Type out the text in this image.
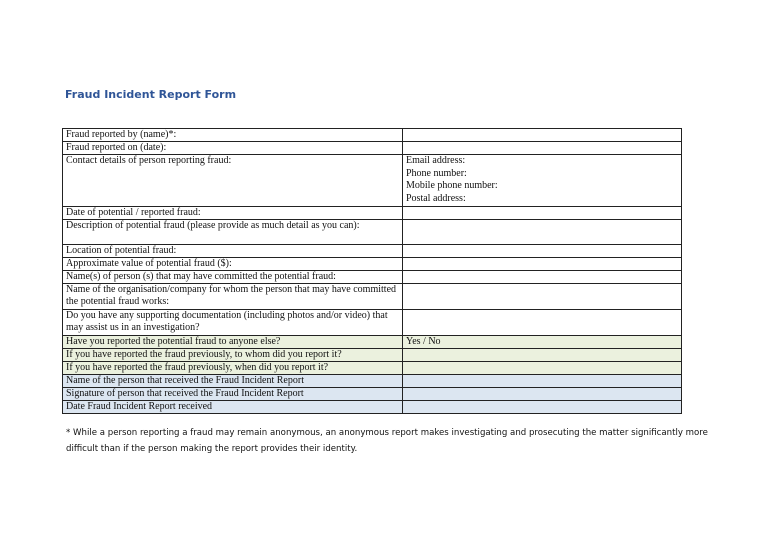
Fraud Incident Report Form
Fraud reported by (name)*:	
Fraud reported on (date):	
Contact details of person reporting fraud:	Email address:
Phone number:
Mobile phone number:
Postal address:

Date of potential / reported fraud:	
Description of potential fraud (please provide as much detail as you can):	
Location of potential fraud:	
Approximate value of potential fraud ($):	
Name(s) of person (s) that may have committed the potential fraud:	
Name of the organisation/company for whom the person that may have committed the potential fraud works:	
Do you have any supporting documentation (including photos and/or video) that may assist us in an investigation?	
Have you reported the potential fraud to anyone else?	Yes / No
If you have reported the fraud previously, to whom did you report it?	
If you have reported the fraud previously, when did you report it?	
Name of the person that received the Fraud Incident Report	
Signature of person that received the Fraud Incident Report	
Date Fraud Incident Report received	
* While a person reporting a fraud may remain anonymous, an anonymous report makes investigating and prosecuting the matter significantly more difficult than if the person making the report provides their identity.
